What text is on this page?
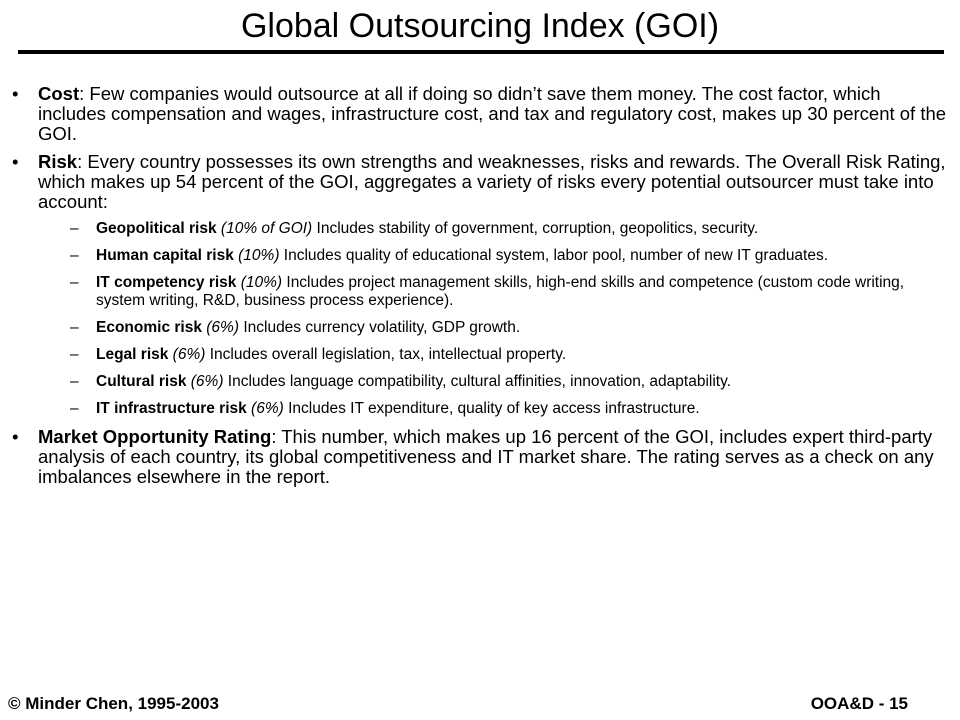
Global Outsourcing Index (GOI)
• Cost: Few companies would outsource at all if doing so didn’t save them money. The cost factor, which includes compensation and wages, infrastructure cost, and tax and regulatory cost, makes up 30 percent of the GOI.
• Risk: Every country possesses its own strengths and weaknesses, risks and rewards. The Overall Risk Rating, which makes up 54 percent of the GOI, aggregates a variety of risks every potential outsourcer must take into account:
– Geopolitical risk (10% of GOI) Includes stability of government, corruption, geopolitics, security.
– Human capital risk (10%) Includes quality of educational system, labor pool, number of new IT graduates.
– IT competency risk (10%) Includes project management skills, high-end skills and competence (custom code writing, system writing, R&D, business process experience).
– Economic risk (6%) Includes currency volatility, GDP growth.
– Legal risk (6%) Includes overall legislation, tax, intellectual property.
– Cultural risk (6%) Includes language compatibility, cultural affinities, innovation, adaptability.
– IT infrastructure risk (6%) Includes IT expenditure, quality of key access infrastructure.
• Market Opportunity Rating: This number, which makes up 16 percent of the GOI, includes expert third-party analysis of each country, its global competitiveness and IT market share. The rating serves as a check on any imbalances elsewhere in the report.
© Minder Chen, 1995-2003	OOA&D - 15
